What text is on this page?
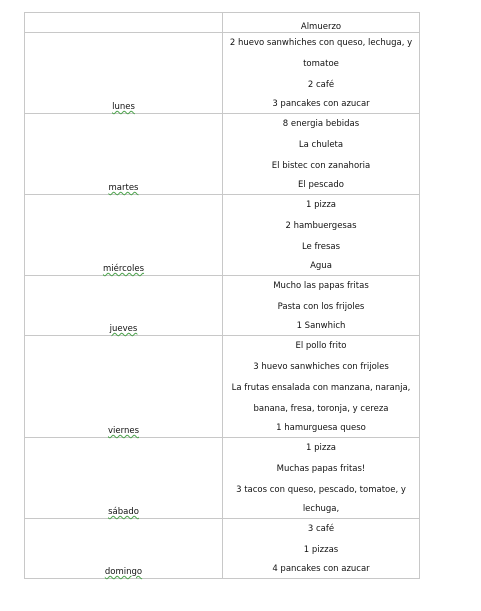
	Almuerzo
lunes	2 huevo sanwhiches con queso, lechuga, y
tomatoe
2 café
3 pancakes con azucar

martes	8 energia bebidas
La chuleta
El bistec con zanahoria
El pescado

miércoles	1 pizza
2 hambuergesas
Le fresas
Agua

jueves	Mucho las papas fritas
Pasta con los frijoles
1 Sanwhich

viernes	El pollo frito
3 huevo sanwhiches con frijoles
La frutas ensalada con manzana, naranja,
banana, fresa, toronja, y cereza
1 hamurguesa queso

sábado	1 pizza
Muchas papas fritas!
3 tacos con queso, pescado, tomatoe, y
lechuga,

domingo	3 café
1 pizzas
4 pancakes con azucar
